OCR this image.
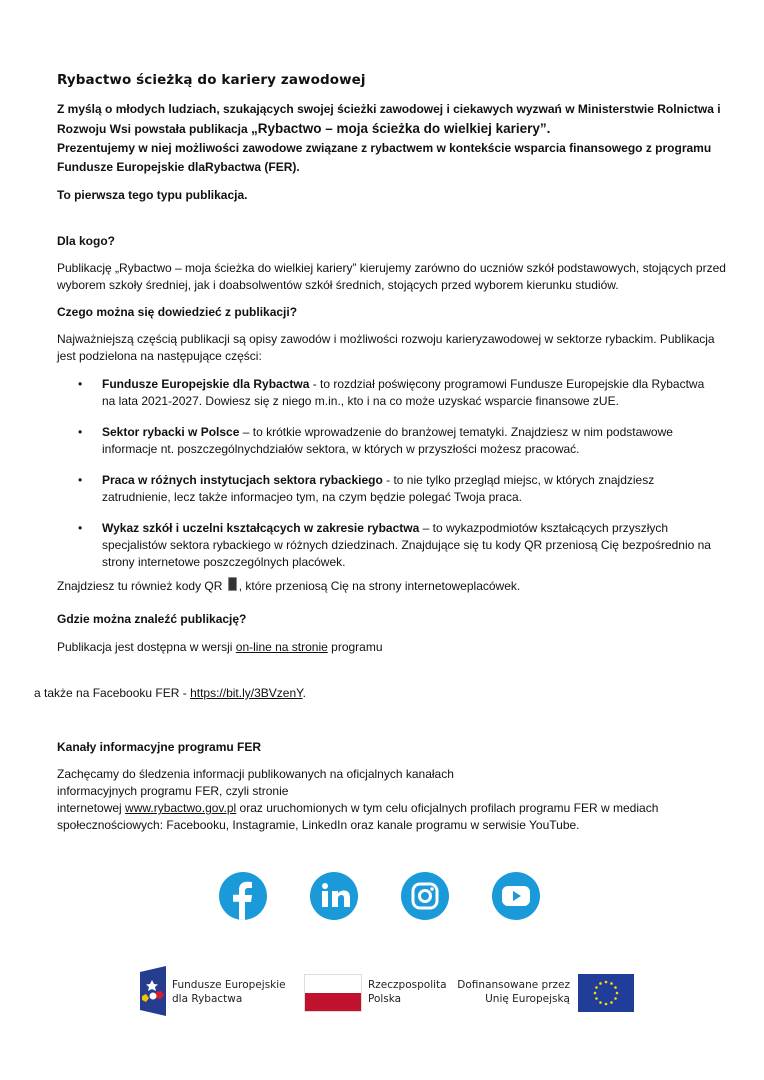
Rybactwo ścieżką do kariery zawodowej
Z myślą o młodych ludziach, szukających swojej ścieżki zawodowej i ciekawych wyzwań w Ministerstwie Rolnictwa i Rozwoju Wsi powstała publikacja „Rybactwo – moja ścieżka do wielkiej kariery”.
Prezentujemy w niej możliwości zawodowe związane z rybactwem w kontekście wsparcia finansowego z programu Fundusze Europejskie dlaRybactwa (FER).
To pierwsza tego typu publikacja.
Dla kogo?
Publikację „Rybactwo – moja ścieżka do wielkiej kariery” kierujemy zarówno do uczniów szkół podstawowych, stojących przed wyborem szkoły średniej, jak i doabsolwentów szkół średnich, stojących przed wyborem kierunku studiów.
Czego można się dowiedzieć z publikacji?
Najważniejszą częścią publikacji są opisy zawodów i możliwości rozwoju karieryzawodowej w sektorze rybackim. Publikacja jest podzielona na następujące części:
• Fundusze Europejskie dla Rybactwa - to rozdział poświęcony programowi Fundusze Europejskie dla Rybactwa na lata 2021-2027. Dowiesz się z niego m.in., kto i na co może uzyskać wsparcie finansowe zUE.
• Sektor rybacki w Polsce – to krótkie wprowadzenie do branżowej tematyki. Znajdziesz w nim podstawowe informacje nt. poszczególnychdziałów sektora, w których w przyszłości możesz pracować.
• Praca w różnych instytucjach sektora rybackiego - to nie tylko przegląd miejsc, w których znajdziesz zatrudnienie, lecz także informacjeo tym, na czym będzie polegać Twoja praca.
• Wykaz szkół i uczelni kształcących w zakresie rybactwa – to wykazpodmiotów kształcących przyszłych specjalistów sektora rybackiego w różnych dziedzinach. Znajdujące się tu kody QR przeniosą Cię bezpośrednio na strony internetowe poszczególnych placówek.
Znajdziesz tu również kody QR , które przeniosą Cię na strony internetoweplacówek.
Gdzie można znaleźć publikację?
Publikacja jest dostępna w wersji on-line na stronie programu
a także na Facebooku FER - https://bit.ly/3BVzenY.
Kanały informacyjne programu FER
Zachęcamy do śledzenia informacji publikowanych na oficjalnych kanałach
informacyjnych programu FER, czyli stronie
internetowej www.rybactwo.gov.pl oraz uruchomionych w tym celu oficjalnych profilach programu FER w mediach
społecznościowych: Facebooku, Instagramie, LinkedIn oraz kanale programu w serwisie YouTube.
Fundusze Europejskie
dla Rybactwa
Rzeczpospolita
Polska
Dofinansowane przez
Unię Europejską
